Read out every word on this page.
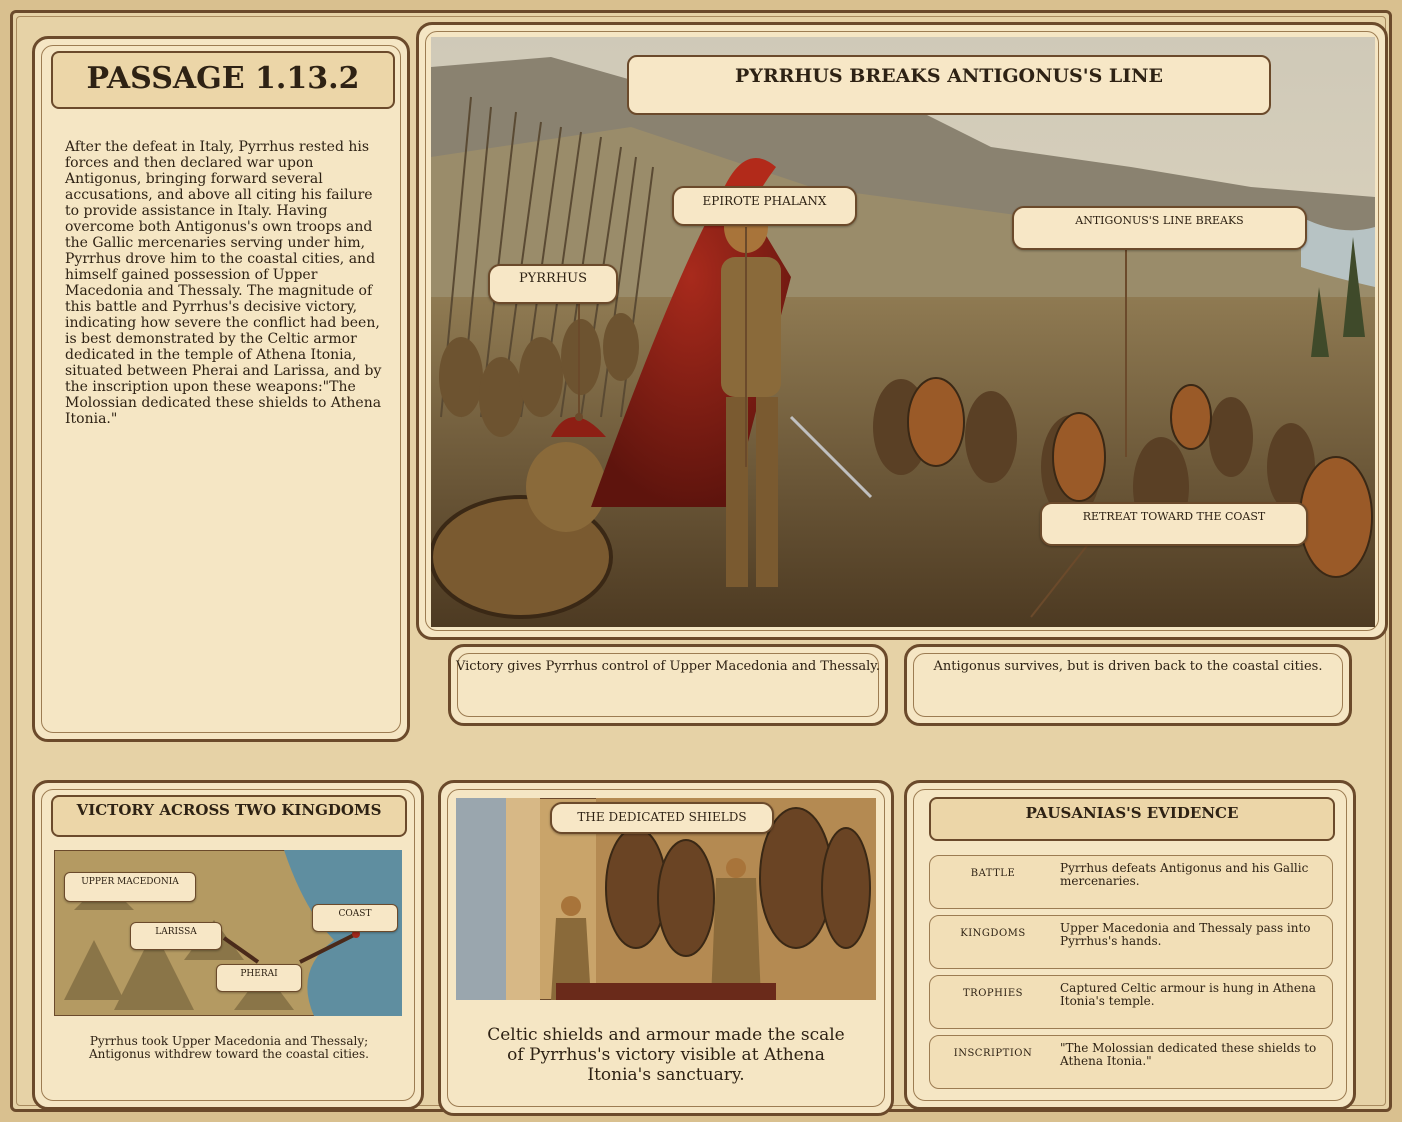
PASSAGE 1.13.2
After the defeat in Italy, Pyrrhus rested his forces and then declared war upon Antigonus, bringing forward several accusations, and above all citing his failure to provide assistance in Italy. Having overcome both Antigonus's own troops and the Gallic mercenaries serving under him, Pyrrhus drove him to the coastal cities, and himself gained possession of Upper Macedonia and Thessaly. The magnitude of this battle and Pyrrhus's decisive victory, indicating how severe the conflict had been, is best demonstrated by the Celtic armor dedicated in the temple of Athena Itonia, situated between Pherai and Larissa, and by the inscription upon these weapons:"The Molossian dedicated these shields to Athena Itonia."
PYRRHUS BREAKS ANTIGONUS'S LINE
PYRRHUS
EPIROTE PHALANX
ANTIGONUS'S LINE BREAKS
RETREAT TOWARD THE COAST
Victory gives Pyrrhus control of Upper Macedonia and Thessaly.	Antigonus survives, but is driven back to the coastal cities.
VICTORY ACROSS TWO KINGDOMS
Pyrrhus took Upper Macedonia and Thessaly; Antigonus withdrew toward the coastal cities.
UPPER MACEDONIA
LARISSA
PHERAI
COAST
Celtic shields and armour made the scale of Pyrrhus's victory visible at Athena Itonia's sanctuary.
THE DEDICATED SHIELDS	PAUSANIAS'S EVIDENCE
BATTLE	Pyrrhus defeats Antigonus and his Gallic mercenaries.
KINGDOMS	Upper Macedonia and Thessaly pass into Pyrrhus's hands.
TROPHIES	Captured Celtic armour is hung in Athena Itonia's temple.
INSCRIPTION	"The Molossian dedicated these shields to Athena Itonia."
